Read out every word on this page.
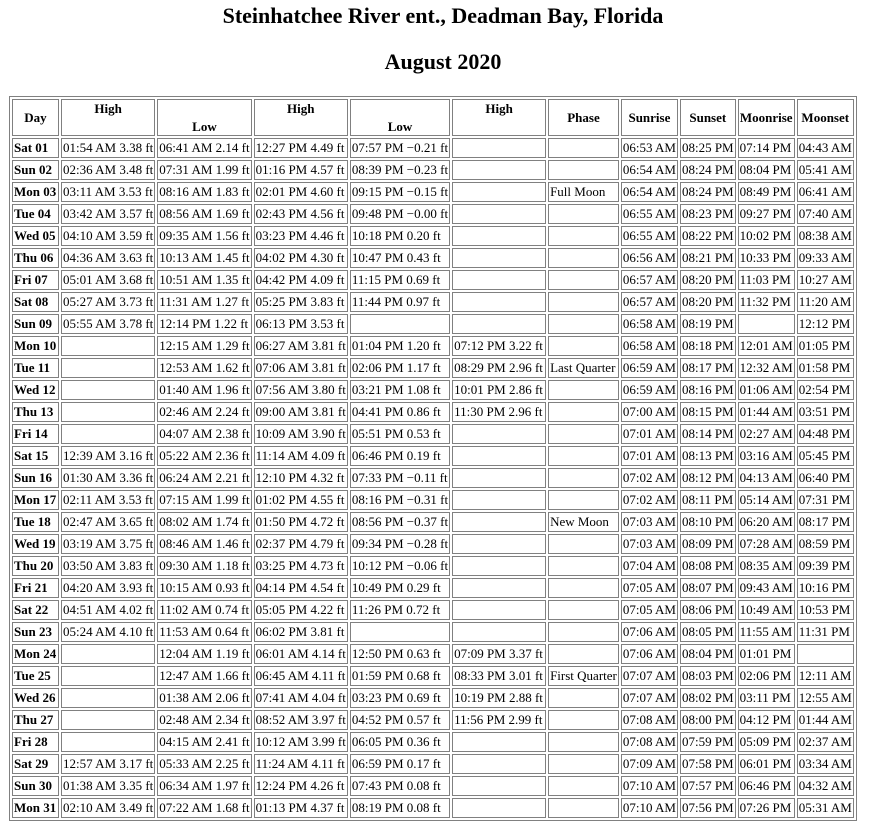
Steinhatchee River ent., Deadman Bay, Florida
August 2020
Day	High	Low	High	Low	High	Phase	Sunrise	Sunset	Moonrise	Moonset
Sat 01	01:54 AM 3.38 ft	06:41 AM 2.14 ft	12:27 PM 4.49 ft	07:57 PM −0.21 ft			06:53 AM	08:25 PM	07:14 PM	04:43 AM
Sun 02	02:36 AM 3.48 ft	07:31 AM 1.99 ft	01:16 PM 4.57 ft	08:39 PM −0.23 ft			06:54 AM	08:24 PM	08:04 PM	05:41 AM
Mon 03	03:11 AM 3.53 ft	08:16 AM 1.83 ft	02:01 PM 4.60 ft	09:15 PM −0.15 ft		Full Moon	06:54 AM	08:24 PM	08:49 PM	06:41 AM
Tue 04	03:42 AM 3.57 ft	08:56 AM 1.69 ft	02:43 PM 4.56 ft	09:48 PM −0.00 ft			06:55 AM	08:23 PM	09:27 PM	07:40 AM
Wed 05	04:10 AM 3.59 ft	09:35 AM 1.56 ft	03:23 PM 4.46 ft	10:18 PM 0.20 ft			06:55 AM	08:22 PM	10:02 PM	08:38 AM
Thu 06	04:36 AM 3.63 ft	10:13 AM 1.45 ft	04:02 PM 4.30 ft	10:47 PM 0.43 ft			06:56 AM	08:21 PM	10:33 PM	09:33 AM
Fri 07	05:01 AM 3.68 ft	10:51 AM 1.35 ft	04:42 PM 4.09 ft	11:15 PM 0.69 ft			06:57 AM	08:20 PM	11:03 PM	10:27 AM
Sat 08	05:27 AM 3.73 ft	11:31 AM 1.27 ft	05:25 PM 3.83 ft	11:44 PM 0.97 ft			06:57 AM	08:20 PM	11:32 PM	11:20 AM
Sun 09	05:55 AM 3.78 ft	12:14 PM 1.22 ft	06:13 PM 3.53 ft				06:58 AM	08:19 PM		12:12 PM
Mon 10		12:15 AM 1.29 ft	06:27 AM 3.81 ft	01:04 PM 1.20 ft	07:12 PM 3.22 ft		06:58 AM	08:18 PM	12:01 AM	01:05 PM
Tue 11		12:53 AM 1.62 ft	07:06 AM 3.81 ft	02:06 PM 1.17 ft	08:29 PM 2.96 ft	Last Quarter	06:59 AM	08:17 PM	12:32 AM	01:58 PM
Wed 12		01:40 AM 1.96 ft	07:56 AM 3.80 ft	03:21 PM 1.08 ft	10:01 PM 2.86 ft		06:59 AM	08:16 PM	01:06 AM	02:54 PM
Thu 13		02:46 AM 2.24 ft	09:00 AM 3.81 ft	04:41 PM 0.86 ft	11:30 PM 2.96 ft		07:00 AM	08:15 PM	01:44 AM	03:51 PM
Fri 14		04:07 AM 2.38 ft	10:09 AM 3.90 ft	05:51 PM 0.53 ft			07:01 AM	08:14 PM	02:27 AM	04:48 PM
Sat 15	12:39 AM 3.16 ft	05:22 AM 2.36 ft	11:14 AM 4.09 ft	06:46 PM 0.19 ft			07:01 AM	08:13 PM	03:16 AM	05:45 PM
Sun 16	01:30 AM 3.36 ft	06:24 AM 2.21 ft	12:10 PM 4.32 ft	07:33 PM −0.11 ft			07:02 AM	08:12 PM	04:13 AM	06:40 PM
Mon 17	02:11 AM 3.53 ft	07:15 AM 1.99 ft	01:02 PM 4.55 ft	08:16 PM −0.31 ft			07:02 AM	08:11 PM	05:14 AM	07:31 PM
Tue 18	02:47 AM 3.65 ft	08:02 AM 1.74 ft	01:50 PM 4.72 ft	08:56 PM −0.37 ft		New Moon	07:03 AM	08:10 PM	06:20 AM	08:17 PM
Wed 19	03:19 AM 3.75 ft	08:46 AM 1.46 ft	02:37 PM 4.79 ft	09:34 PM −0.28 ft			07:03 AM	08:09 PM	07:28 AM	08:59 PM
Thu 20	03:50 AM 3.83 ft	09:30 AM 1.18 ft	03:25 PM 4.73 ft	10:12 PM −0.06 ft			07:04 AM	08:08 PM	08:35 AM	09:39 PM
Fri 21	04:20 AM 3.93 ft	10:15 AM 0.93 ft	04:14 PM 4.54 ft	10:49 PM 0.29 ft			07:05 AM	08:07 PM	09:43 AM	10:16 PM
Sat 22	04:51 AM 4.02 ft	11:02 AM 0.74 ft	05:05 PM 4.22 ft	11:26 PM 0.72 ft			07:05 AM	08:06 PM	10:49 AM	10:53 PM
Sun 23	05:24 AM 4.10 ft	11:53 AM 0.64 ft	06:02 PM 3.81 ft				07:06 AM	08:05 PM	11:55 AM	11:31 PM
Mon 24		12:04 AM 1.19 ft	06:01 AM 4.14 ft	12:50 PM 0.63 ft	07:09 PM 3.37 ft		07:06 AM	08:04 PM	01:01 PM	
Tue 25		12:47 AM 1.66 ft	06:45 AM 4.11 ft	01:59 PM 0.68 ft	08:33 PM 3.01 ft	First Quarter	07:07 AM	08:03 PM	02:06 PM	12:11 AM
Wed 26		01:38 AM 2.06 ft	07:41 AM 4.04 ft	03:23 PM 0.69 ft	10:19 PM 2.88 ft		07:07 AM	08:02 PM	03:11 PM	12:55 AM
Thu 27		02:48 AM 2.34 ft	08:52 AM 3.97 ft	04:52 PM 0.57 ft	11:56 PM 2.99 ft		07:08 AM	08:00 PM	04:12 PM	01:44 AM
Fri 28		04:15 AM 2.41 ft	10:12 AM 3.99 ft	06:05 PM 0.36 ft			07:08 AM	07:59 PM	05:09 PM	02:37 AM
Sat 29	12:57 AM 3.17 ft	05:33 AM 2.25 ft	11:24 AM 4.11 ft	06:59 PM 0.17 ft			07:09 AM	07:58 PM	06:01 PM	03:34 AM
Sun 30	01:38 AM 3.35 ft	06:34 AM 1.97 ft	12:24 PM 4.26 ft	07:43 PM 0.08 ft			07:10 AM	07:57 PM	06:46 PM	04:32 AM
Mon 31	02:10 AM 3.49 ft	07:22 AM 1.68 ft	01:13 PM 4.37 ft	08:19 PM 0.08 ft			07:10 AM	07:56 PM	07:26 PM	05:31 AM
